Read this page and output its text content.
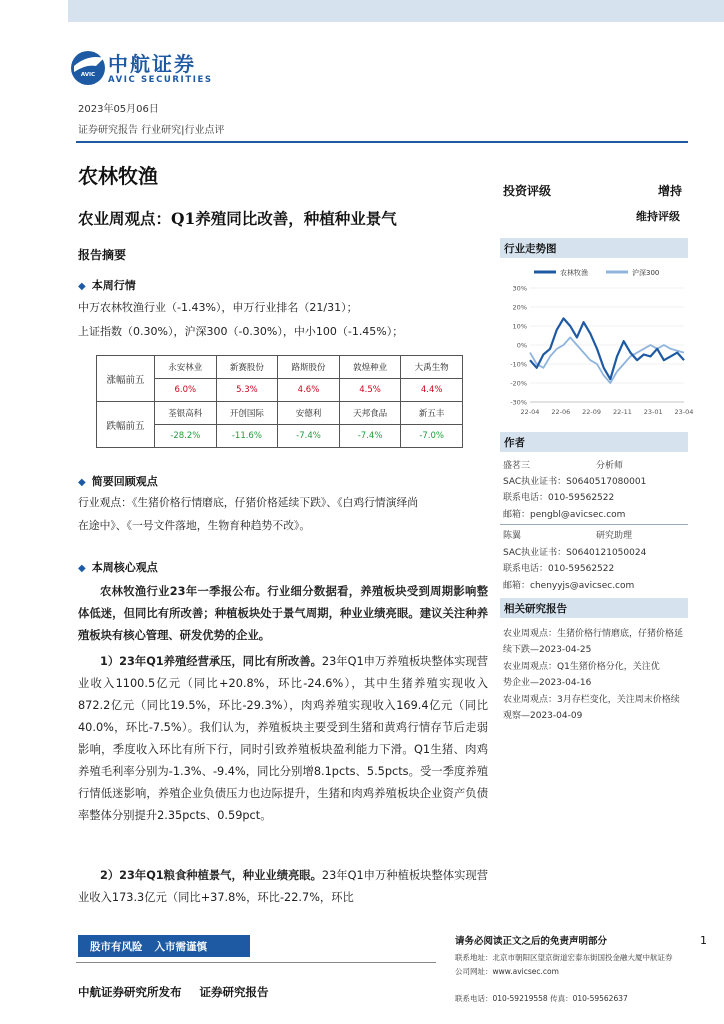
AVIC 中航证券
AVIC SECURITIES
2023年05月06日
证券研究报告 行业研究|行业点评
农林牧渔
农业周观点：Q1养殖同比改善，种植种业景气
报告摘要
◆ 本周行情
中万农林牧渔行业（-1.43%），申万行业排名（21/31）；
上证指数（0.30%），沪深300（-0.30%），中小100（-1.45%）；
涨幅前五	永安林业	新赛股份	路斯股份	敦煌种业	大禹生物
	6.0%	5.3%	4.6%	4.5%	4.4%
跌幅前五	荃银高科	开创国际	安德利	天邦食品	新五丰
	-28.2%	-11.6%	-7.4%	-7.4%	-7.0%
◆ 简要回顾观点
行业观点：《生猪价格行情磨底，仔猪价格延续下跌》、《白鸡行情演绎尚
在途中》、《一号文件落地，生物育种趋势不改》。
◆ 本周核心观点
农林牧渔行业23年一季报公布。行业细分数据看，养殖板块受到周期影响整体低迷，但同比有所改善；种植板块处于景气周期，种业业绩亮眼。建议关注种养殖板块有核心管理、研发优势的企业。
1）23年Q1养殖经营承压，同比有所改善。23年Q1申万养殖板块整体实现营业收入1100.5亿元（同比+20.8%，环比-24.6%），其中生猪养殖实现收入872.2亿元（同比19.5%，环比-29.3%），肉鸡养殖实现收入169.4亿元（同比40.0%，环比-7.5%）。我们认为，养殖板块主要受到生猪和黄鸡行情存节后走弱影响，季度收入环比有所下行，同时引致养殖板块盈利能力下滑。Q1生猪、肉鸡养殖毛利率分别为-1.3%、-9.4%，同比分别增8.1pcts、5.5pcts。受一季度养殖行情低迷影响，养殖企业负债压力也边际提升，生猪和肉鸡养殖板块企业资产负债率整体分别提升2.35pcts、0.59pct。
2）23年Q1粮食种植景气，种业业绩亮眼。23年Q1申万种植板块整体实现营业收入173.3亿元（同比+37.8%，环比-22.7%，环比
投资评级	增持
维持评级
行业走势图
农林牧渔	沪深300
30%
20%
10%
0%
-10%
-20%
-30%
22-04 22-06 22-09 22-11 23-01 23-04
作者
盛茗三	分析师
SAC执业证书：S0640517080001
联系电话：010-59562522
邮箱：pengbl@avicsec.com
陈翼	研究助理
SAC执业证书：S0640121050024
联系电话：010-59562522
邮箱：chenyyjs@avicsec.com
相关研究报告
农业周观点：生猪价格行情磨底，仔猪价格延
续下跌—2023-04-25
农业周观点：Q1生猪价格分化，关注优
势企业—2023-04-16
农业周观点：3月存栏变化，关注周末价格续
观察—2023-04-09
股市有风险 入市需谨慎
中航证券研究所发布 证券研究报告
请务必阅读正文之后的免责声明部分
联系地址：北京市朝阳区望京街道宏泰东街国投金融大厦中航证券
公司网址：www.avicsec.com
联系电话：010-59219558 传真：010-59562637
1
